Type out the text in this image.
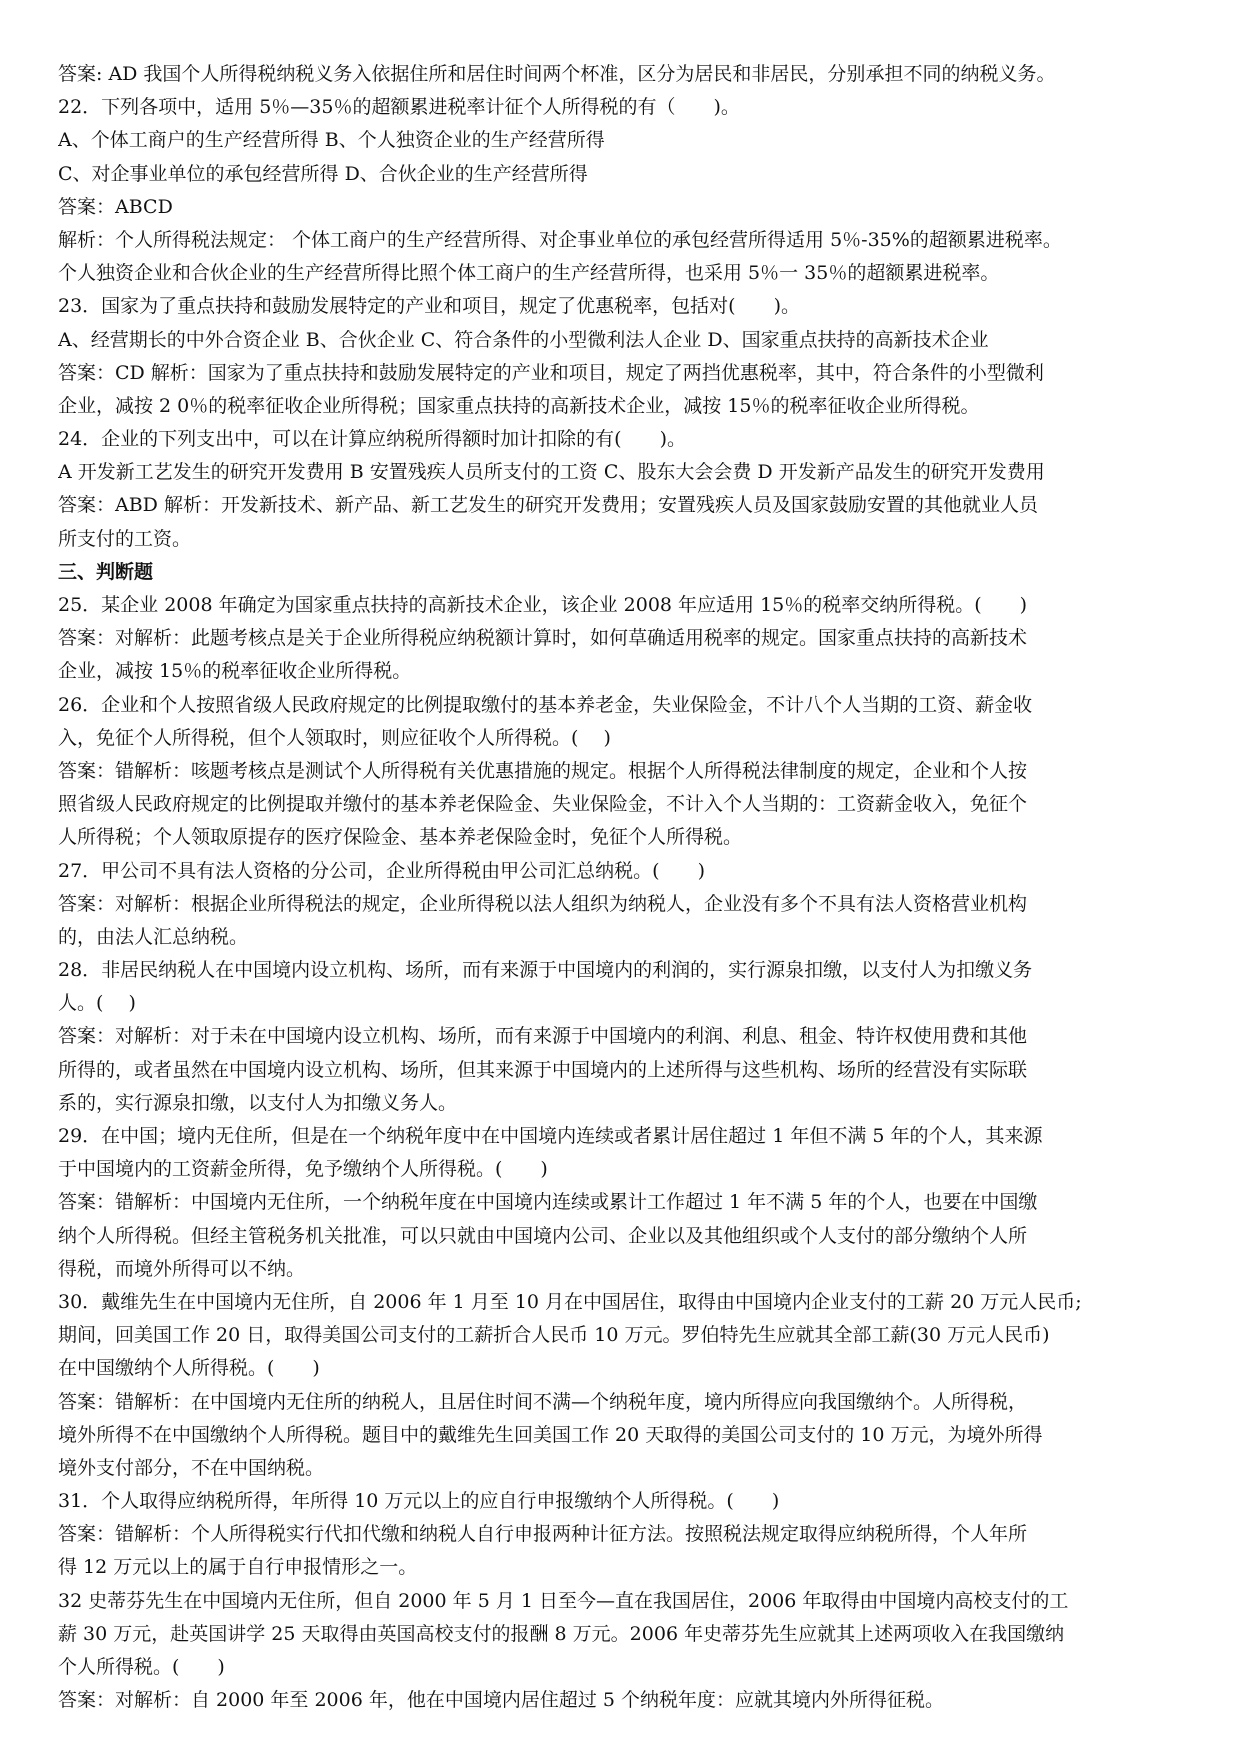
答案: AD 我国个人所得税纳税义务入依据住所和居住时间两个杯准，区分为居民和非居民，分别承担不同的纳税义务。
22．下列各项中，适用 5％—35％的超额累进税率计征个人所得税的有（　　)。
A、个体工商户的生产经营所得 B、个人独资企业的生产经营所得
C、对企事业单位的承包经营所得 D、合伙企业的生产经营所得
答案：ABCD
解析：个人所得税法规定： 个体工商户的生产经营所得、对企事业单位的承包经营所得适用 5％-35%的超额累进税率。
个人独资企业和合伙企业的生产经营所得比照个体工商户的生产经营所得，也采用 5％一 35％的超额累进税率。
23．国家为了重点扶持和鼓励发展特定的产业和项目，规定了优惠税率，包括对(　　)。
A、经营期长的中外合资企业 B、合伙企业 C、符合条件的小型微利法人企业 D、国家重点扶持的高新技术企业
答案：CD 解析：国家为了重点扶持和鼓励发展特定的产业和项目，规定了两挡优惠税率，其中，符合条件的小型微利
企业，减按 2 0％的税率征收企业所得税；国家重点扶持的高新技术企业，减按 15％的税率征收企业所得税。
24．企业的下列支出中，可以在计算应纳税所得额时加计扣除的有(　　)。
A 开发新工艺发生的研究开发费用 B 安置残疾人员所支付的工资 C、股东大会会费 D 开发新产品发生的研究开发费用
答案：ABD 解析：开发新技术、新产品、新工艺发生的研究开发费用；安置残疾人员及国家鼓励安置的其他就业人员
所支付的工资。
三、判断题
25．某企业 2008 年确定为国家重点扶持的高新技术企业，该企业 2008 年应适用 15％的税率交纳所得税。(　　)
答案：对解析：此题考核点是关于企业所得税应纳税额计算时，如何草确适用税率的规定。国家重点扶持的高新技术
企业，减按 15％的税率征收企业所得税。
26．企业和个人按照省级人民政府规定的比例提取缴付的基本养老金，失业保险金，不计八个人当期的工资、薪金收
入，免征个人所得税，但个人领取时，则应征收个人所得税。(　 )
答案：错解析：咳题考核点是测试个人所得税有关优惠措施的规定。根据个人所得税法律制度的规定，企业和个人按
照省级人民政府规定的比例提取并缴付的基本养老保险金、失业保险金，不计入个人当期的：工资薪金收入，免征个
人所得税；个人领取原提存的医疗保险金、基本养老保险金时，免征个人所得税。
27．甲公司不具有法人资格的分公司，企业所得税由甲公司汇总纳税。(　　)
答案：对解析：根据企业所得税法的规定，企业所得税以法人组织为纳税人，企业没有多个不具有法人资格营业机构
的，由法人汇总纳税。
28．非居民纳税人在中国境内设立机构、场所，而有来源于中国境内的利润的，实行源泉扣缴，以支付人为扣缴义务
人。(　 )
答案：对解析：对于未在中国境内设立机构、场所，而有来源于中国境内的利润、利息、租金、特许权使用费和其他
所得的，或者虽然在中国境内设立机构、场所，但其来源于中国境内的上述所得与这些机构、场所的经营没有实际联
系的，实行源泉扣缴，以支付人为扣缴义务人。
29．在中国；境内无住所，但是在一个纳税年度中在中国境内连续或者累计居住超过 1 年但不满 5 年的个人，其来源
于中国境内的工资薪金所得，免予缴纳个人所得税。(　　)
答案：错解析：中国境内无住所，一个纳税年度在中国境内连续或累计工作超过 1 年不满 5 年的个人，也要在中国缴
纳个人所得税。但经主管税务机关批准，可以只就由中国境内公司、企业以及其他组织或个人支付的部分缴纳个人所
得税，而境外所得可以不纳。
30．戴维先生在中国境内无住所，自 2006 年 1 月至 10 月在中国居住，取得由中国境内企业支付的工薪 20 万元人民币;
期间，回美国工作 20 日，取得美国公司支付的工薪折合人民币 10 万元。罗伯特先生应就其全部工薪(30 万元人民币)
在中国缴纳个人所得税。(　　)
答案：错解析：在中国境内无住所的纳税人，且居住时间不满—个纳税年度，境内所得应向我国缴纳个。人所得税，
境外所得不在中国缴纳个人所得税。题目中的戴维先生回美国工作 20 天取得的美国公司支付的 10 万元，为境外所得
境外支付部分，不在中国纳税。
31．个人取得应纳税所得，年所得 10 万元以上的应自行申报缴纳个人所得税。(　　)
答案：错解析：个人所得税实行代扣代缴和纳税人自行申报两种计征方法。按照税法规定取得应纳税所得，个人年所
得 12 万元以上的属于自行申报情形之一。
32 史蒂芬先生在中国境内无住所，但自 2000 年 5 月 1 日至今—直在我国居住，2006 年取得由中国境内高校支付的工
薪 30 万元，赴英国讲学 25 天取得由英国高校支付的报酬 8 万元。2006 年史蒂芬先生应就其上述两项收入在我国缴纳
个人所得税。(　　)
答案：对解析：自 2000 年至 2006 年，他在中国境内居住超过 5 个纳税年度：应就其境内外所得征税。
